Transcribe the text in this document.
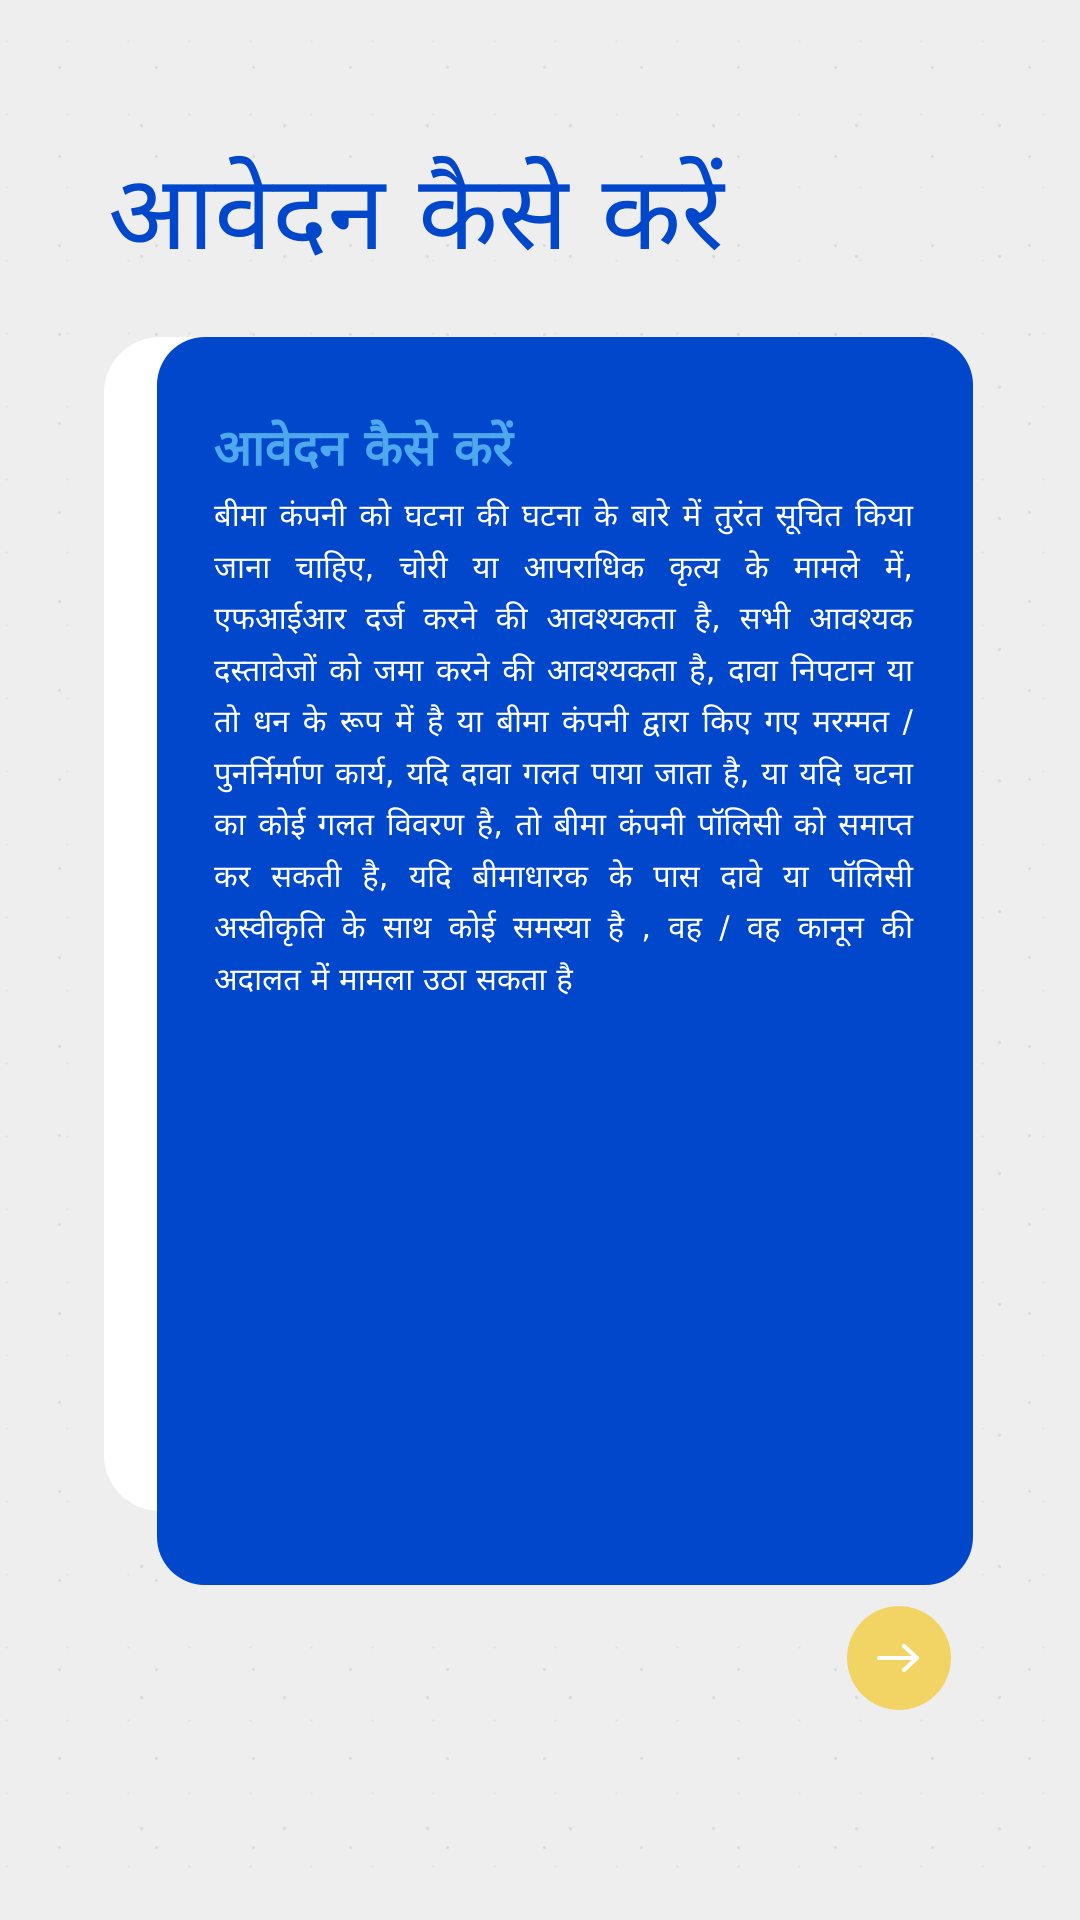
आवेदन कैसे करें
आवेदन कैसे करें

बीमा कंपनी को घटना की घटना के बारे में तुरंत सूचित किया जाना चाहिए, चोरी या आपराधिक कृत्य के मामले में, एफआईआर दर्ज करने की आवश्यकता है, सभी आवश्यक दस्तावेजों को जमा करने की आवश्यकता है, दावा निपटान या तो धन के रूप में है या बीमा कंपनी द्वारा किए गए मरम्मत / पुनर्निर्माण कार्य, यदि दावा गलत पाया जाता है, या यदि घटना का कोई गलत विवरण है, तो बीमा कंपनी पॉलिसी को समाप्त कर सकती है, यदि बीमाधारक के पास दावे या पॉलिसी अस्वीकृति के साथ कोई समस्या है , वह / वह कानून की अदालत में मामला उठा सकता है
